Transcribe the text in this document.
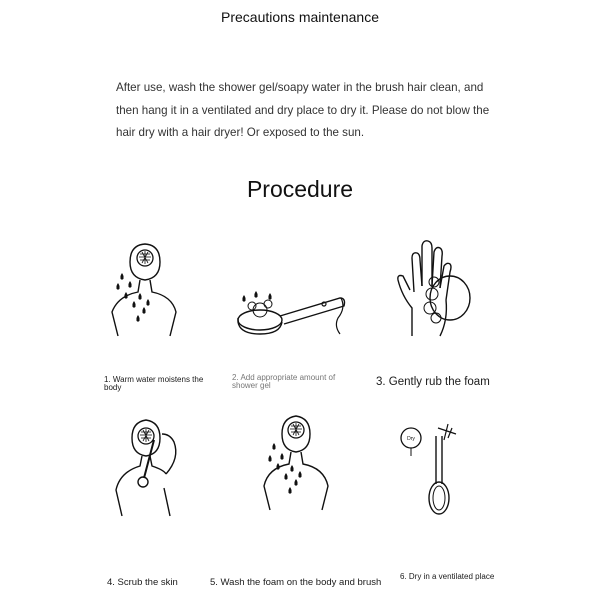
Precautions maintenance
After use, wash the shower gel/soapy water in the brush hair clean, and then hang it in a ventilated and dry place to dry it. Please do not blow the hair dry with a hair dryer! Or exposed to the sun.
Procedure
1. Warm water moistens the body
2. Add appropriate amount of shower gel	3. Gently rub the foam
4. Scrub the skin	5. Wash the foam on the body and brush
Dry
6. Dry in a ventilated place
